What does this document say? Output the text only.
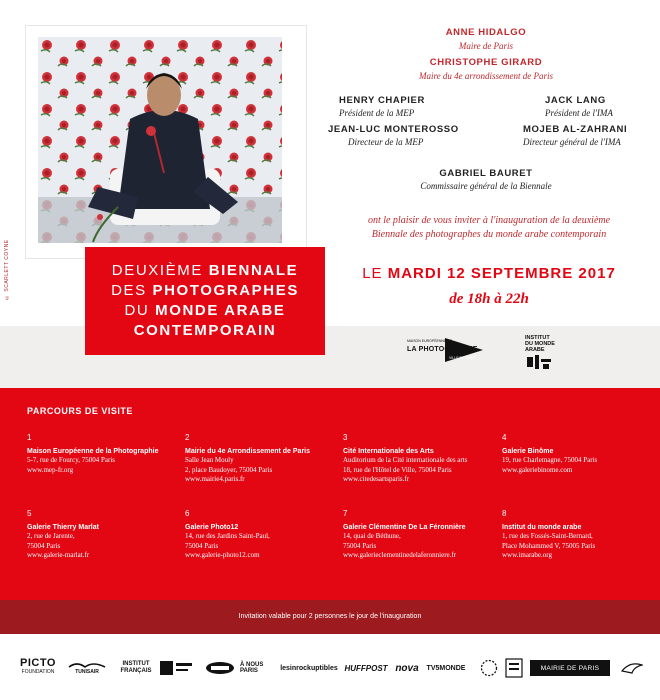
© SCARLETT COYNE	DEUXIÈME BIENNALE
DES PHOTOGRAPHES
DU MONDE ARABE
CONTEMPORAIN
ANNE HIDALGO
Maire de Paris
CHRISTOPHE GIRARD
Maire du 4e arrondissement de Paris
HENRY CHAPIER
Président de la MEP
JACK LANG
Président de l'IMA
JEAN-LUC MONTEROSSO
Directeur de la MEP
MOJEB AL-ZAHRANI
Directeur général de l'IMA
GABRIEL BAURET
Commissaire général de la Biennale
ont le plaisir de vous inviter à l'inauguration de la deuxième
Biennale des photographes du monde arabe contemporain
LE MARDI 12 SEPTEMBRE 2017
de 18h à 22h
MAISON EUROPÉENNE DE
LA PHOTOGRAPHIE
VILLE DE PARIS
INSTITUT
DU MONDE
ARABE
PARCOURS DE VISITE
1
Maison Européenne de la Photographie
5-7, rue de Fourcy, 75004 Paris
www.mep-fr.org
2
Mairie du 4e Arrondissement de Paris
Salle Jean Mouly
2, place Baudoyer, 75004 Paris
www.mairie4.paris.fr
3
Cité Internationale des Arts
Auditorium de la Cité internationale des arts
18, rue de l'Hôtel de Ville, 75004 Paris
www.citedesartsparis.fr
4
Galerie Binôme
19, rue Charlemagne, 75004 Paris
www.galeriebinome.com
5
Galerie Thierry Marlat
2, rue de Jarente,
75004 Paris
www.galerie-marlat.fr
6
Galerie Photo12
14, rue des Jardins Saint-Paul,
75004 Paris
www.galerie-photo12.com
7
Galerie Clémentine De La Féronnière
14, quai de Béthune,
75004 Paris
www.galerieclementinedelaferonniere.fr
8
Institut du monde arabe
1, rue des Fossés-Saint-Bernard,
Place Mohammed V, 75005 Paris
www.imarabe.org
Invitation valable pour 2 personnes le jour de l'inauguration
PICTO
FOUNDATION	TUNISAIR
INSTITUT
FRANÇAIS
À NOUS PARIS	lesinrockuptibles HUFFPOST nova	TV5MONDE	MAIRIE DE PARIS
